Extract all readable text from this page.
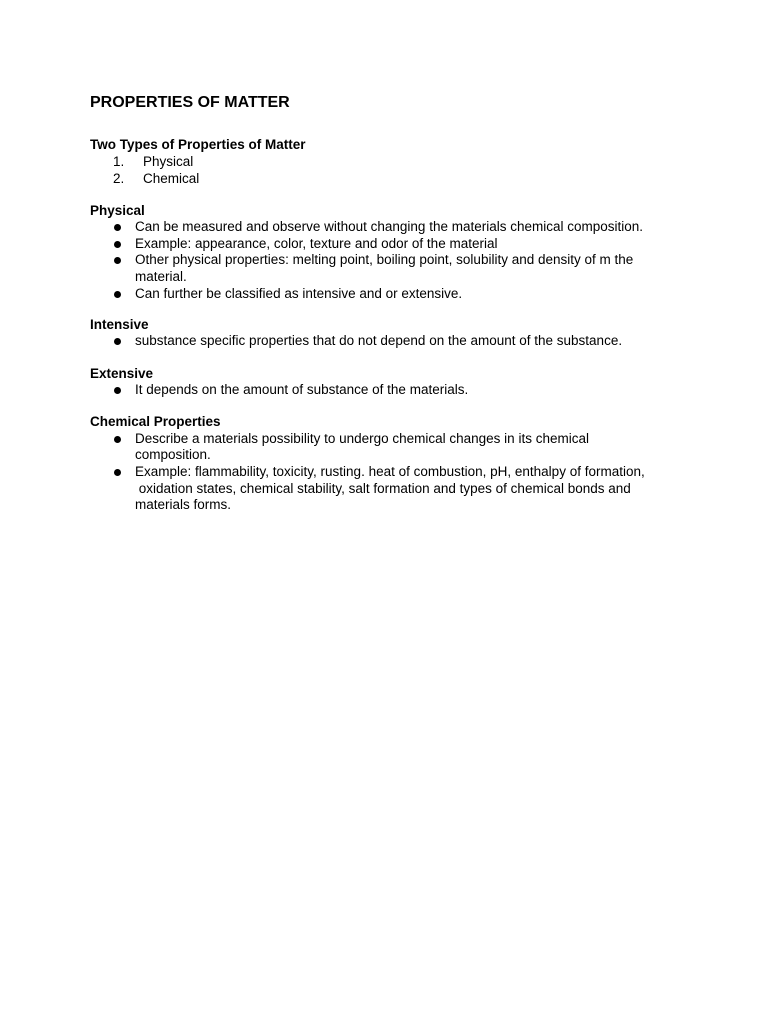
PROPERTIES OF MATTER
Two Types of Properties of Matter
1. Physical
2. Chemical
Physical
Can be measured and observe without changing the materials chemical composition.
Example: appearance, color, texture and odor of the material
Other physical properties: melting point, boiling point, solubility and density of m the
material.
Can further be classified as intensive and or extensive.
Intensive
substance specific properties that do not depend on the amount of the substance.
Extensive
It depends on the amount of substance of the materials.
Chemical Properties
Describe a materials possibility to undergo chemical changes in its chemical
composition.
Example: flammability, toxicity, rusting. heat of combustion, pH, enthalpy of formation,
oxidation states, chemical stability, salt formation and types of chemical bonds and
materials forms.
